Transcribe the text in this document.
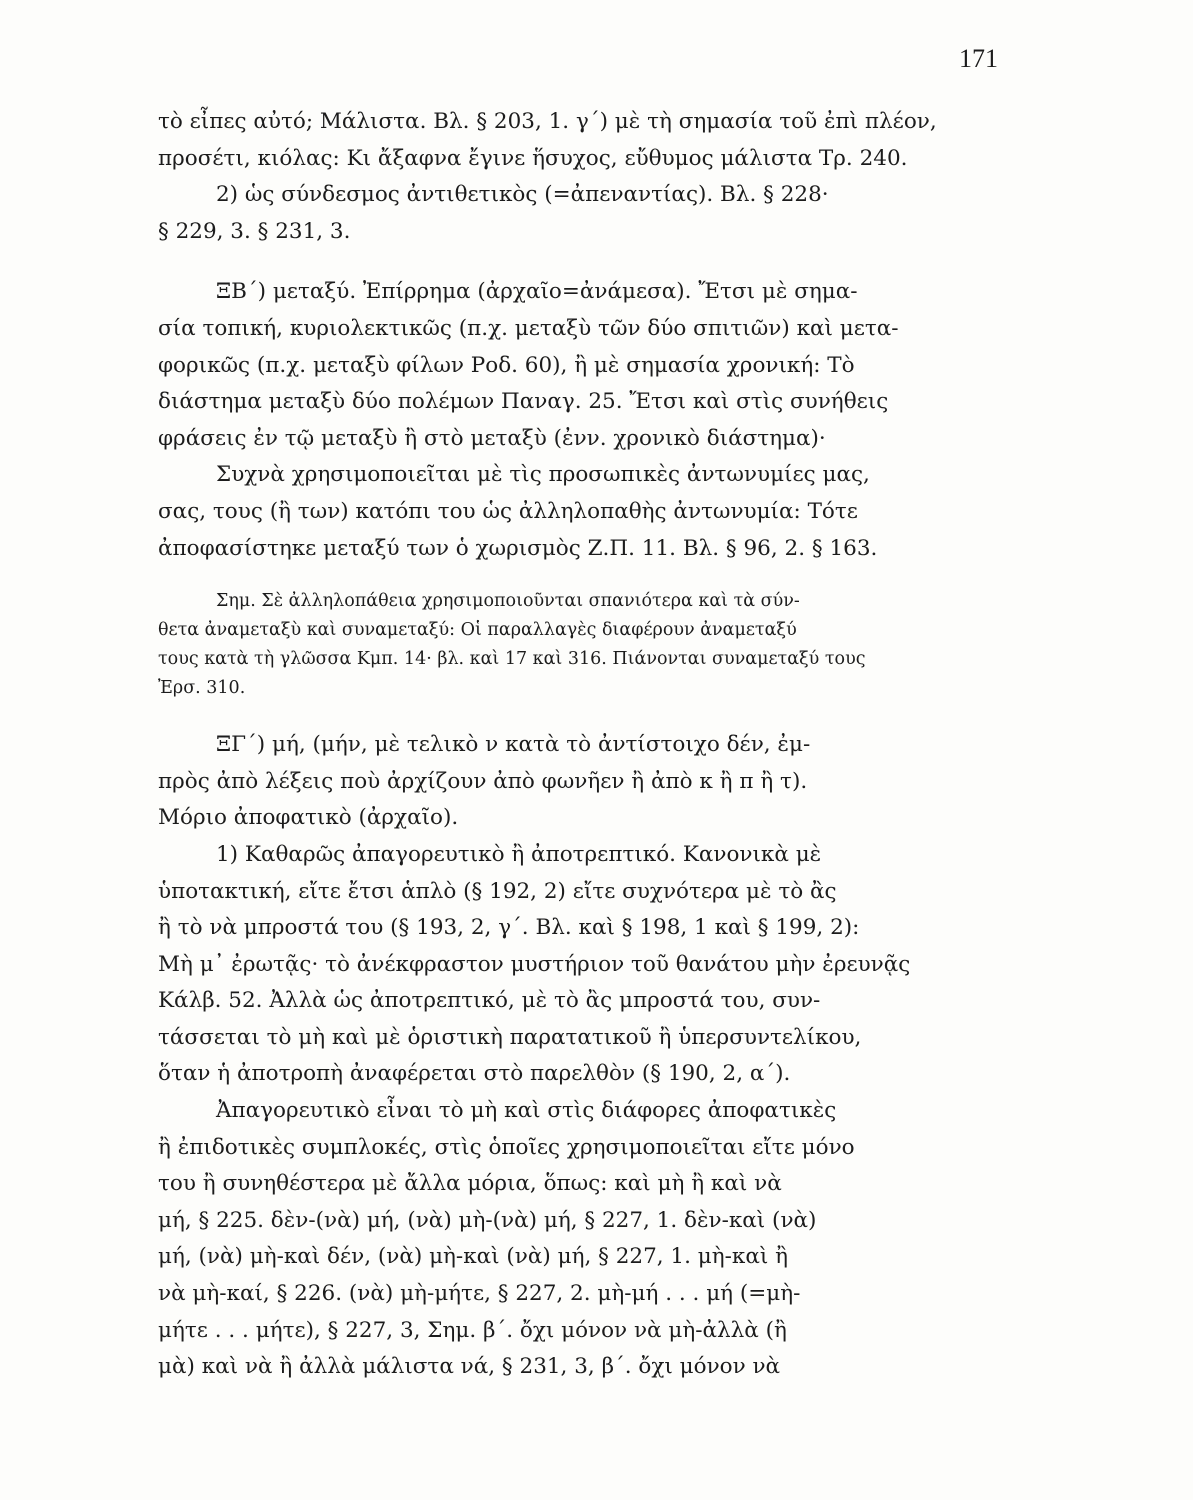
171

τὸ εἶπες αὐτό; Μάλιστα. Βλ. § 203, 1. γ΄) μὲ τὴ σημασία τοῦ ἐπὶ πλέον,
προσέτι, κιόλας: Κι ἄξαφνα ἔγινε ἥσυχος, εὔθυμος μάλιστα Τρ. 240.

2) ὡς σύνδεσμος ἀντιθετικὸς (=ἀπεναντίας). Βλ. § 228·
§ 229, 3. § 231, 3.

ΞΒ΄) μεταξύ. Ἐπίρρημα (ἀρχαῖο=ἀνάμεσα). Ἔτσι μὲ σημα-
σία τοπική, κυριολεκτικῶς (π.χ. μεταξὺ τῶν δύο σπιτιῶν) καὶ μετα-
φορικῶς (π.χ. μεταξὺ φίλων Ροδ. 60), ἢ μὲ σημασία χρονική: Τὸ
διάστημα μεταξὺ δύο πολέμων Παναγ. 25. Ἔτσι καὶ στὶς συνήθεις
φράσεις ἐν τῷ μεταξὺ ἢ στὸ μεταξὺ (ἐνν. χρονικὸ διάστημα)·

Συχνὰ χρησιμοποιεῖται μὲ τὶς προσωπικὲς ἀντωνυμίες μας,
σας, τους (ἢ των) κατόπι του ὡς ἀλληλοπαθὴς ἀντωνυμία: Τότε
ἀποφασίστηκε μεταξύ των ὁ χωρισμὸς Ζ.Π. 11. Βλ. § 96, 2. § 163.

Σημ. Σὲ ἀλληλοπάθεια χρησιμοποιοῦνται σπανιότερα καὶ τὰ σύν-
θετα ἀναμεταξὺ καὶ συναμεταξύ: Οἱ παραλλαγὲς διαφέρουν ἀναμεταξύ
τους κατὰ τὴ γλῶσσα Κμπ. 14· βλ. καὶ 17 καὶ 316. Πιάνονται συναμεταξύ τους
Ἐρσ. 310.

ΞΓ΄) μή, (μήν, μὲ τελικὸ ν κατὰ τὸ ἀντίστοιχο δέν, ἐμ-
πρὸς ἀπὸ λέξεις ποὺ ἀρχίζουν ἀπὸ φωνῆεν ἢ ἀπὸ κ ἢ π ἢ τ).
Μόριο ἀποφατικὸ (ἀρχαῖο).

1) Καθαρῶς ἀπαγορευτικὸ ἢ ἀποτρεπτικό. Κανονικὰ μὲ
ὑποτακτική, εἴτε ἔτσι ἁπλὸ (§ 192, 2) εἴτε συχνότερα μὲ τὸ ἂς
ἢ τὸ νὰ μπροστά του (§ 193, 2, γ΄. Βλ. καὶ § 198, 1 καὶ § 199, 2):
Μὴ μ᾽ ἐρωτᾷς· τὸ ἀνέκφραστον μυστήριον τοῦ θανάτου μὴν ἐρευνᾷς
Κάλβ. 52. Ἀλλὰ ὡς ἀποτρεπτικό, μὲ τὸ ἂς μπροστά του, συν-
τάσσεται τὸ μὴ καὶ μὲ ὁριστικὴ παρατατικοῦ ἢ ὑπερσυντελίκου,
ὅταν ἡ ἀποτροπὴ ἀναφέρεται στὸ παρελθὸν (§ 190, 2, α΄).

Ἀπαγορευτικὸ εἶναι τὸ μὴ καὶ στὶς διάφορες ἀποφατικὲς
ἢ ἐπιδοτικὲς συμπλοκές, στὶς ὁποῖες χρησιμοποιεῖται εἴτε μόνο
του ἢ συνηθέστερα μὲ ἄλλα μόρια, ὅπως: καὶ μὴ ἢ καὶ νὰ
μή, § 225. δὲν-(νὰ) μή, (νὰ) μὴ-(νὰ) μή, § 227, 1. δὲν-καὶ (νὰ)
μή, (νὰ) μὴ-καὶ δέν, (νὰ) μὴ-καὶ (νὰ) μή, § 227, 1. μὴ-καὶ ἢ
νὰ μὴ-καί, § 226. (νὰ) μὴ-μήτε, § 227, 2. μὴ-μή . . . μή (=μὴ-
μήτε . . . μήτε), § 227, 3, Σημ. β΄. ὄχι μόνον νὰ μὴ-ἀλλὰ (ἢ
μὰ) καὶ νὰ ἢ ἀλλὰ μάλιστα νά, § 231, 3, β΄. ὄχι μόνον νὰ
